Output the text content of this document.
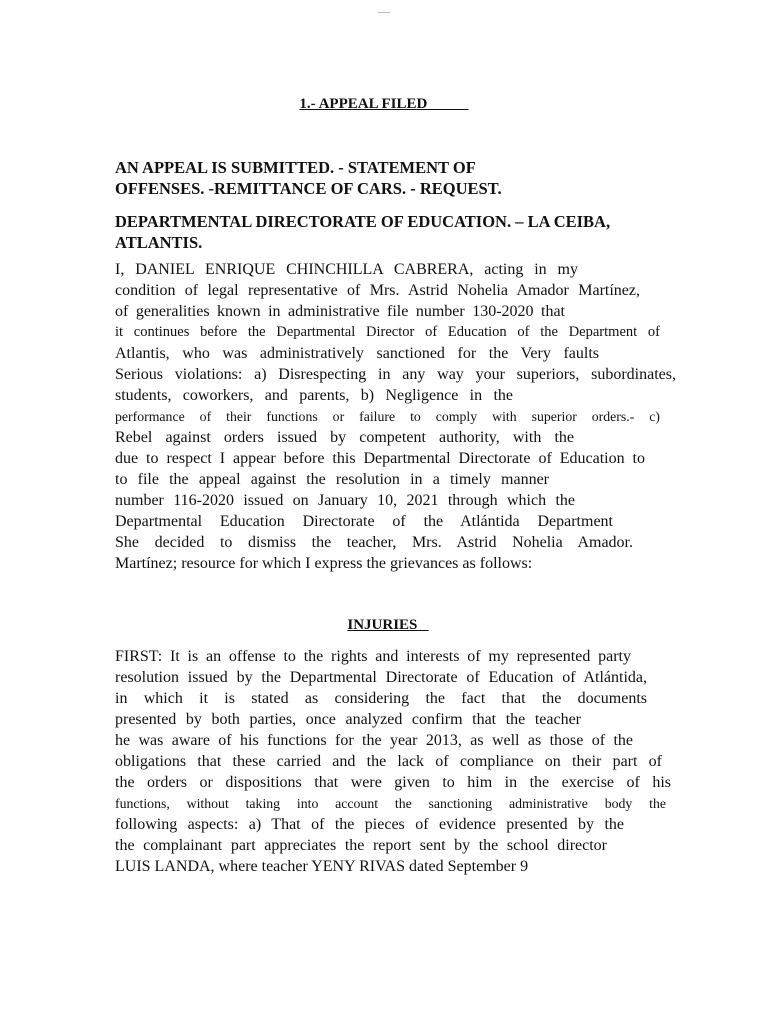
1.- APPEAL FILED
AN APPEAL IS SUBMITTED. - STATEMENT OF
OFFENSES. -REMITTANCE OF CARS. - REQUEST.
DEPARTMENTAL DIRECTORATE OF EDUCATION. – LA CEIBA,
ATLANTIS.
I, DANIEL ENRIQUE CHINCHILLA CABRERA, acting in my
condition of legal representative of Mrs. Astrid Nohelia Amador Martínez,
of generalities known in administrative file number 130-2020 that
it continues before the Departmental Director of Education of the Department of
Atlantis, who was administratively sanctioned for the Very faults
Serious violations: a) Disrespecting in any way your superiors, subordinates,
students, coworkers, and parents, b) Negligence in the
performance of their functions or failure to comply with superior orders.- c)
Rebel against orders issued by competent authority, with the
due to respect I appear before this Departmental Directorate of Education to
to file the appeal against the resolution in a timely manner
number 116-2020 issued on January 10, 2021 through which the
Departmental Education Directorate of the Atlántida Department
She decided to dismiss the teacher, Mrs. Astrid Nohelia Amador.
Martínez; resource for which I express the grievances as follows:
INJURIES
FIRST: It is an offense to the rights and interests of my represented party
resolution issued by the Departmental Directorate of Education of Atlántida,
in which it is stated as considering the fact that the documents
presented by both parties, once analyzed confirm that the teacher
he was aware of his functions for the year 2013, as well as those of the
obligations that these carried and the lack of compliance on their part of
the orders or dispositions that were given to him in the exercise of his
functions, without taking into account the sanctioning administrative body the
following aspects: a) That of the pieces of evidence presented by the
the complainant part appreciates the report sent by the school director
LUIS LANDA, where teacher YENY RIVAS dated September 9
